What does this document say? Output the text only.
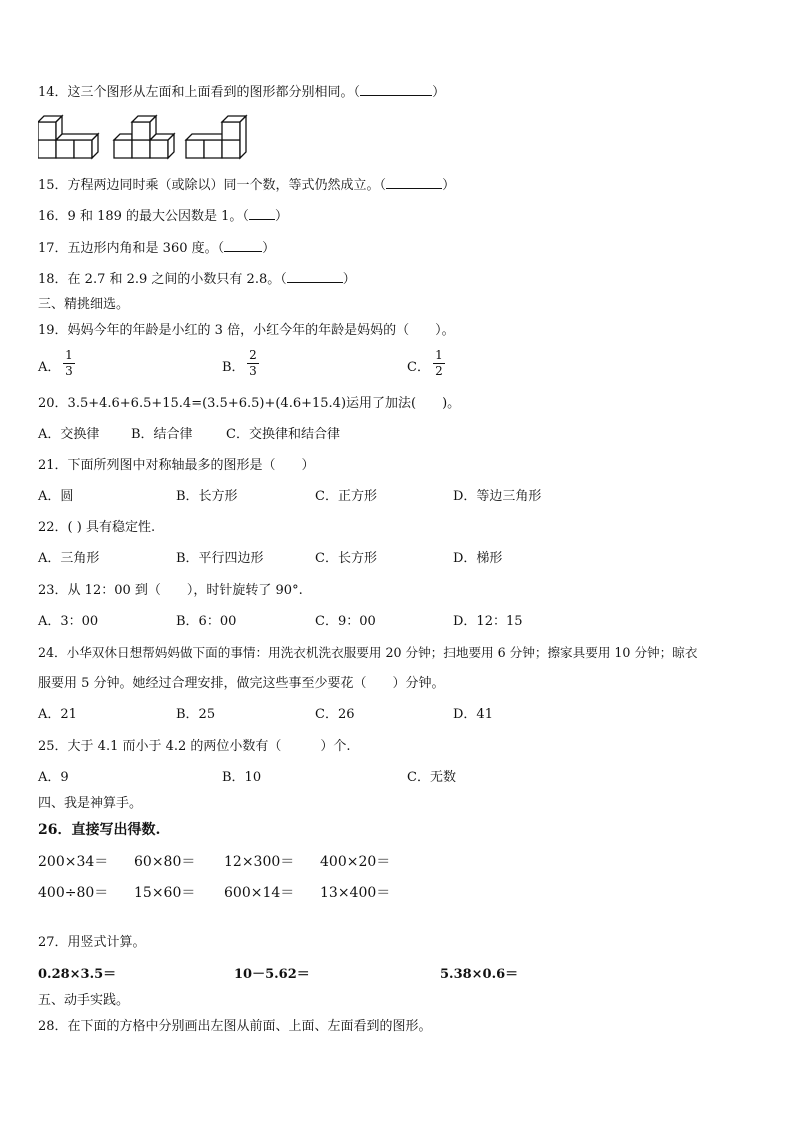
14．这三个图形从左面和上面看到的图形都分别相同。（	）
15．方程两边同时乘（或除以）同一个数，等式仍然成立。（	）
16．9 和 189 的最大公因数是 1。（ ）
17．五边形内角和是 360 度。（	）
18．在 2.7 和 2.9 之间的小数只有 2.8。（	）
三、精挑细选。
19．妈妈今年的年龄是小红的 3 倍，小红今年的年龄是妈妈的（　　）。
A．
1
3	B．
2
3	C．
1
2
20．3.5+4.6+6.5+15.4=(3.5+6.5)+(4.6+15.4)运用了加法(　　)。
A．交换律 B．结合律	C．交换律和结合律
21．下面所列图中对称轴最多的图形是（　　）
A．圆	B．长方形	C．正方形	D．等边三角形
22．( ) 具有稳定性.
A．三角形	B．平行四边形	C．长方形	D．梯形
23．从 12：00 到（　　），时针旋转了 90°.
A．3：00	B．6：00	C．9：00	D．12：15
24．小华双休日想帮妈妈做下面的事情：用洗衣机洗衣服要用 20 分钟；扫地要用 6 分钟；擦家具要用 10 分钟；晾衣
服要用 5 分钟。她经过合理安排，做完这些事至少要花（　　）分钟。
A．21	B．25	C．26	D．41
25．大于 4.1 而小于 4.2 的两位小数有（　　　）个.
A．9	B．10	C．无数
四、我是神算手。
26．直接写出得数.
200×34＝ 60×80＝ 12×300＝ 400×20＝
400÷80＝ 15×60＝ 600×14＝ 13×400＝
27．用竖式计算。
0.28×3.5＝	10－5.62＝	5.38×0.6＝
五、动手实践。
28．在下面的方格中分别画出左图从前面、上面、左面看到的图形。
